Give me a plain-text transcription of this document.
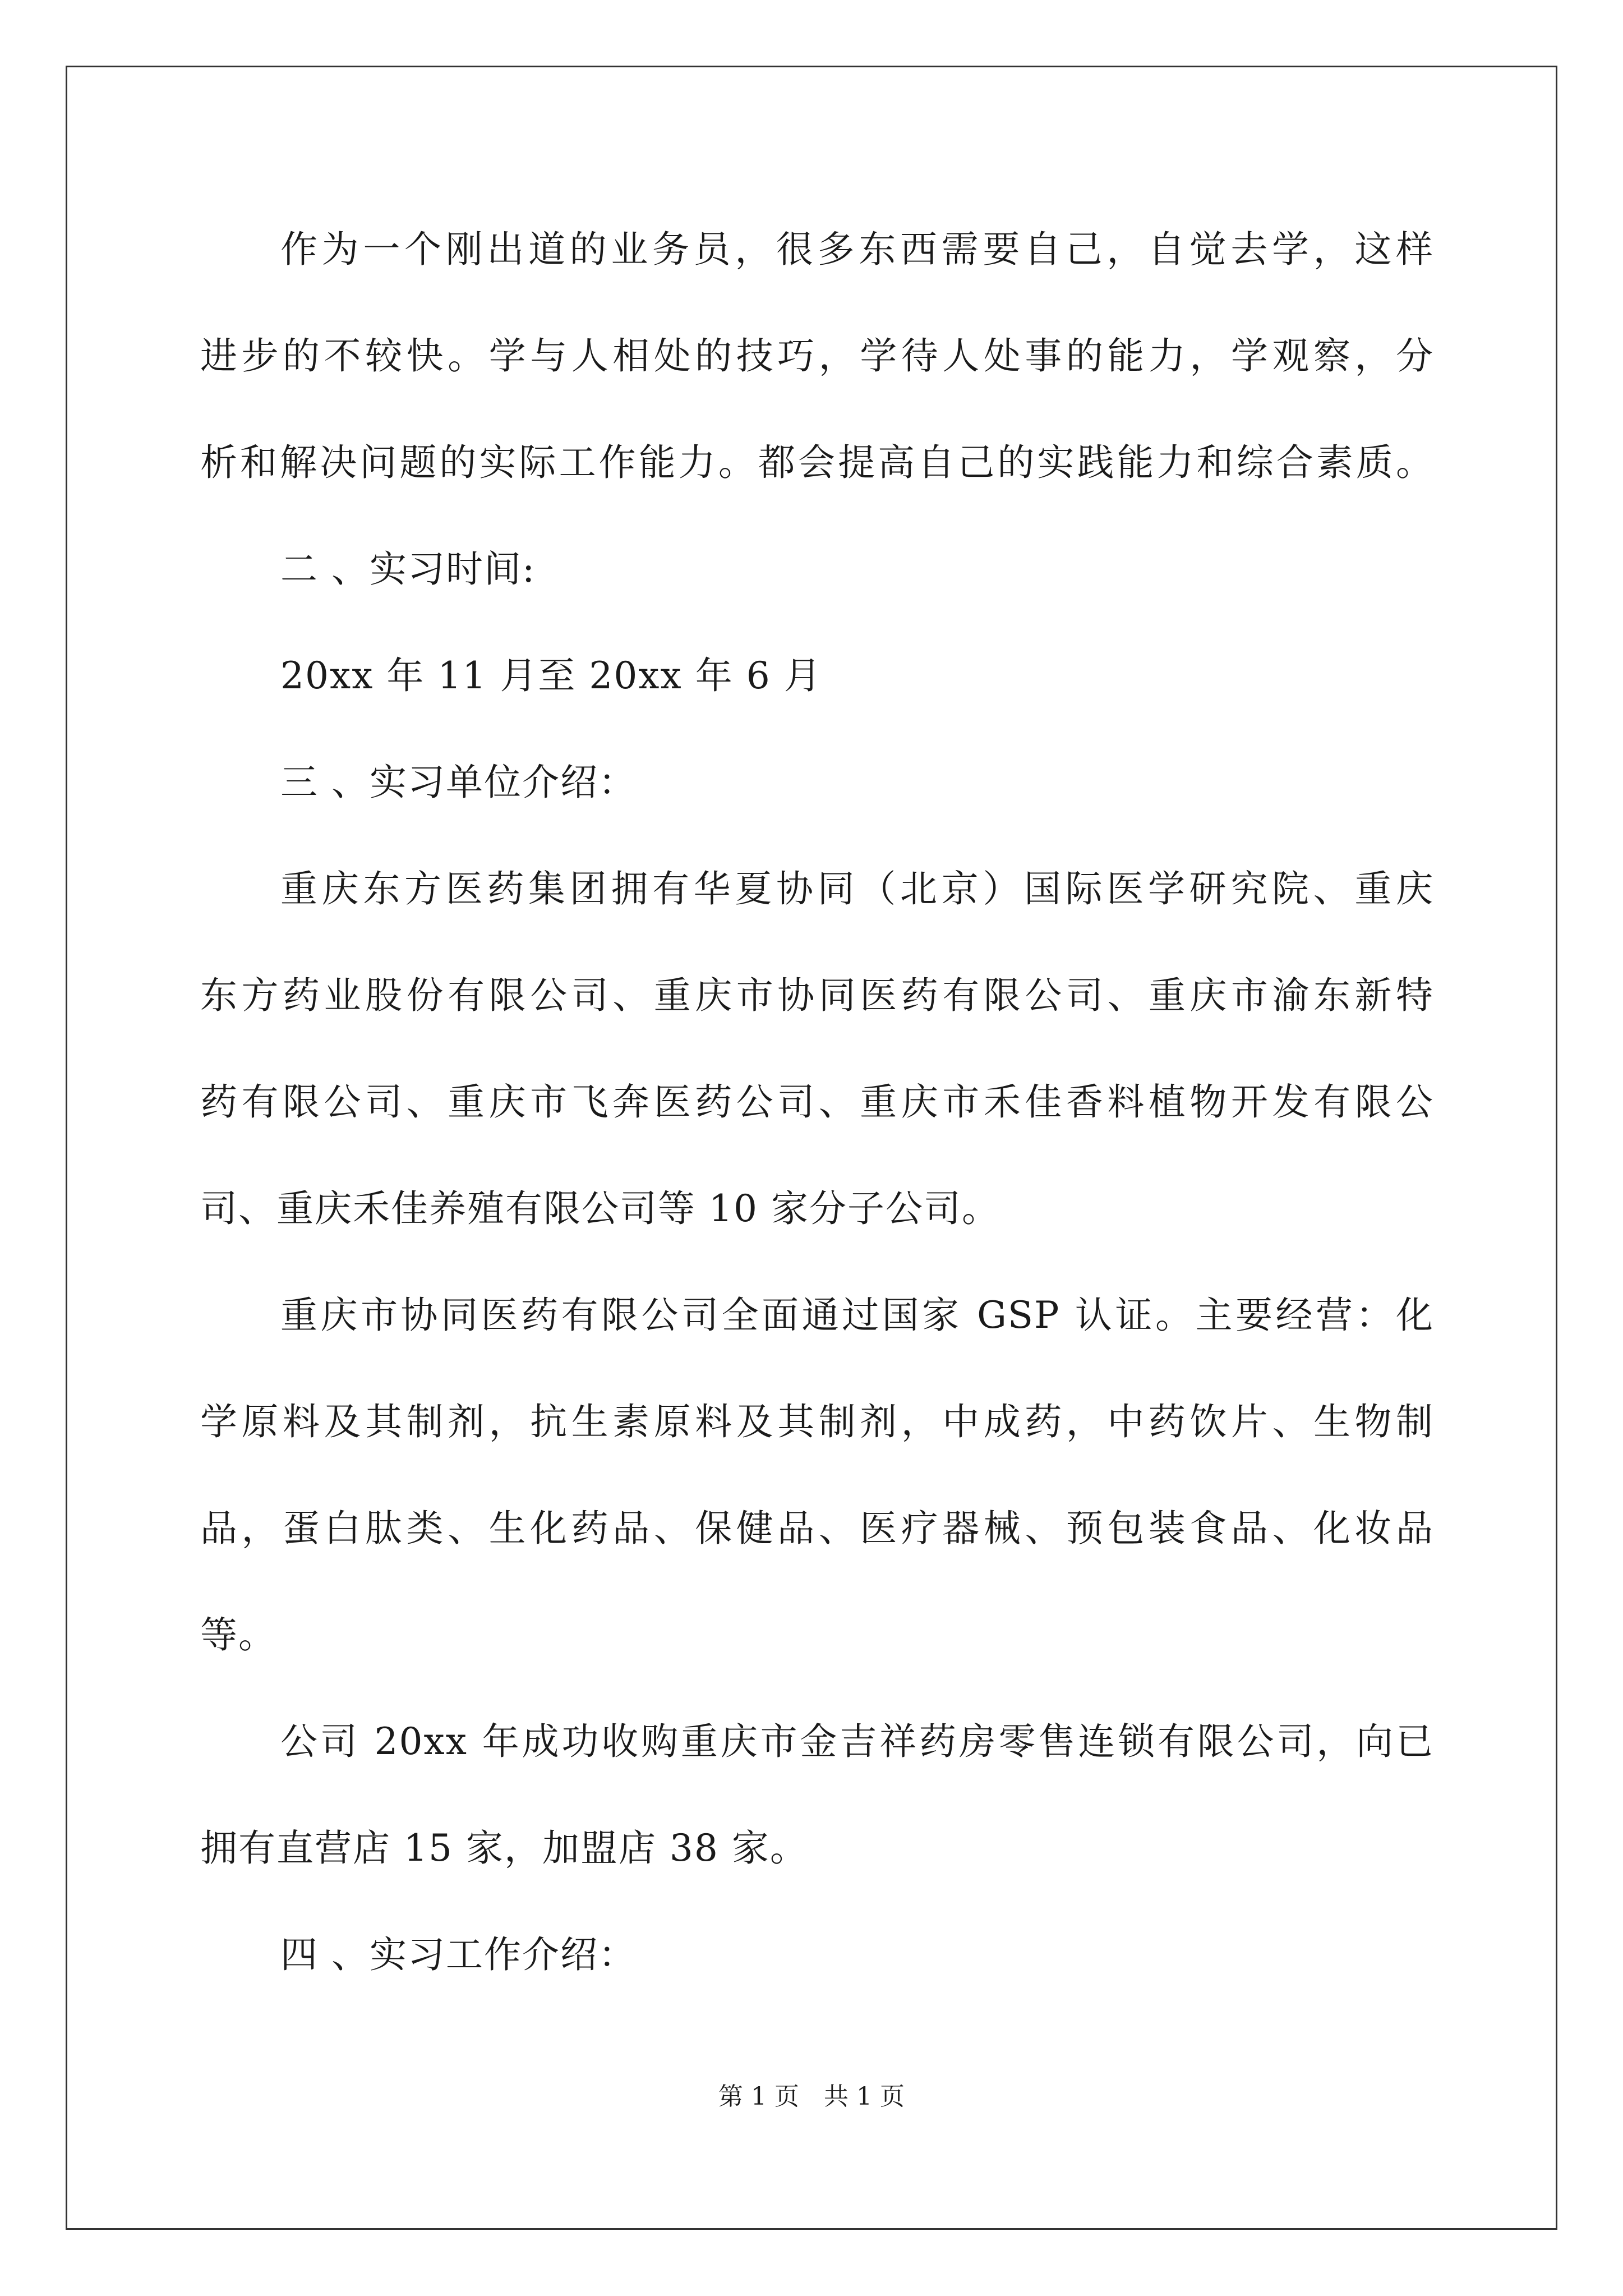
作为一个刚出道的业务员，很多东西需要自己，自觉去学，这样
进步的不较快。学与人相处的技巧，学待人处事的能力，学观察，分
析和解决问题的实际工作能力。都会提高自己的实践能力和综合素质。
二 、实习时间:
20xx 年 11 月至 20xx 年 6 月
三 、实习单位介绍：
重庆东方医药集团拥有华夏协同（北京）国际医学研究院、重庆
东方药业股份有限公司、重庆市协同医药有限公司、重庆市渝东新特
药有限公司、重庆市飞奔医药公司、重庆市禾佳香料植物开发有限公
司、重庆禾佳养殖有限公司等 10 家分子公司。
重庆市协同医药有限公司全面通过国家 GSP 认证。主要经营：化
学原料及其制剂，抗生素原料及其制剂，中成药，中药饮片、生物制
品，蛋白肽类、生化药品、保健品、医疗器械、预包装食品、化妆品
等。
公司 20xx 年成功收购重庆市金吉祥药房零售连锁有限公司，向已
拥有直营店 15 家，加盟店 38 家。
四 、实习工作介绍：
第 1 页　共 1 页
